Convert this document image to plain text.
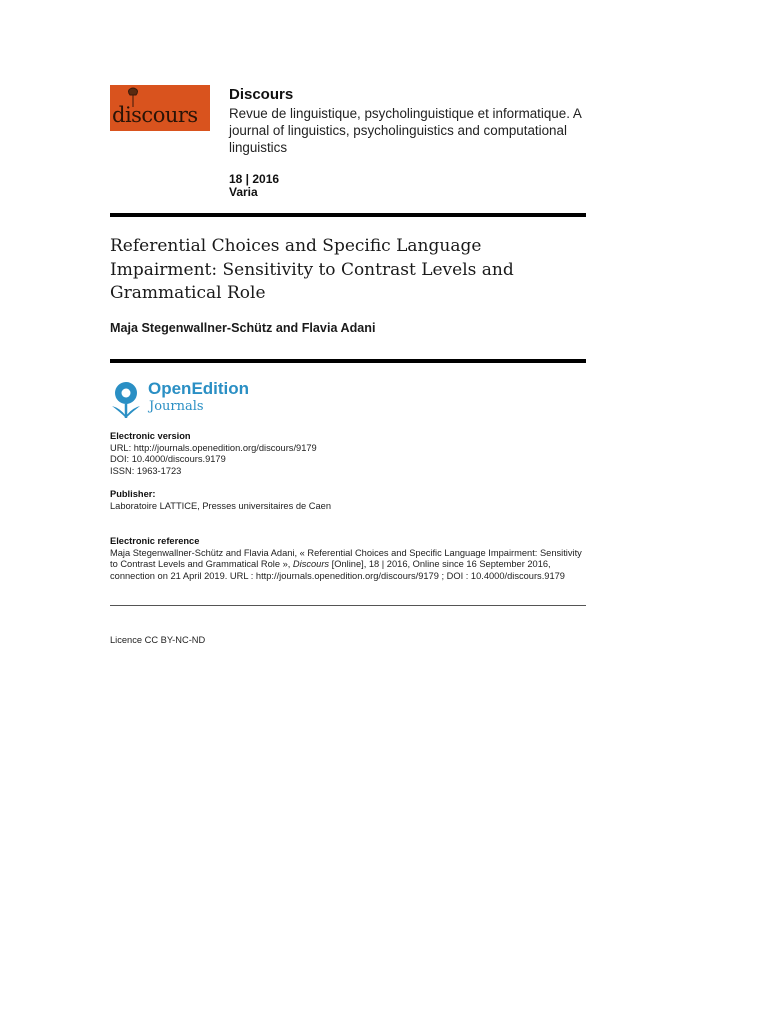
discours
Discours
Revue de linguistique, psycholinguistique et informatique. A journal of linguistics, psycholinguistics and computational linguistics
18 | 2016
Varia
Referential Choices and Specific Language Impairment: Sensitivity to Contrast Levels and Grammatical Role
Maja Stegenwallner-Schütz and Flavia Adani
OpenEdition
Journals
Electronic version
URL: http://journals.openedition.org/discours/9179
DOI: 10.4000/discours.9179
ISSN: 1963-1723
Publisher:
Laboratoire LATTICE, Presses universitaires de Caen
Electronic reference
Maja Stegenwallner-Schütz and Flavia Adani, « Referential Choices and Specific Language Impairment: Sensitivity to Contrast Levels and Grammatical Role », Discours [Online], 18 | 2016, Online since 16 September 2016, connection on 21 April 2019. URL : http://journals.openedition.org/discours/9179 ; DOI : 10.4000/discours.9179
Licence CC BY-NC-ND
